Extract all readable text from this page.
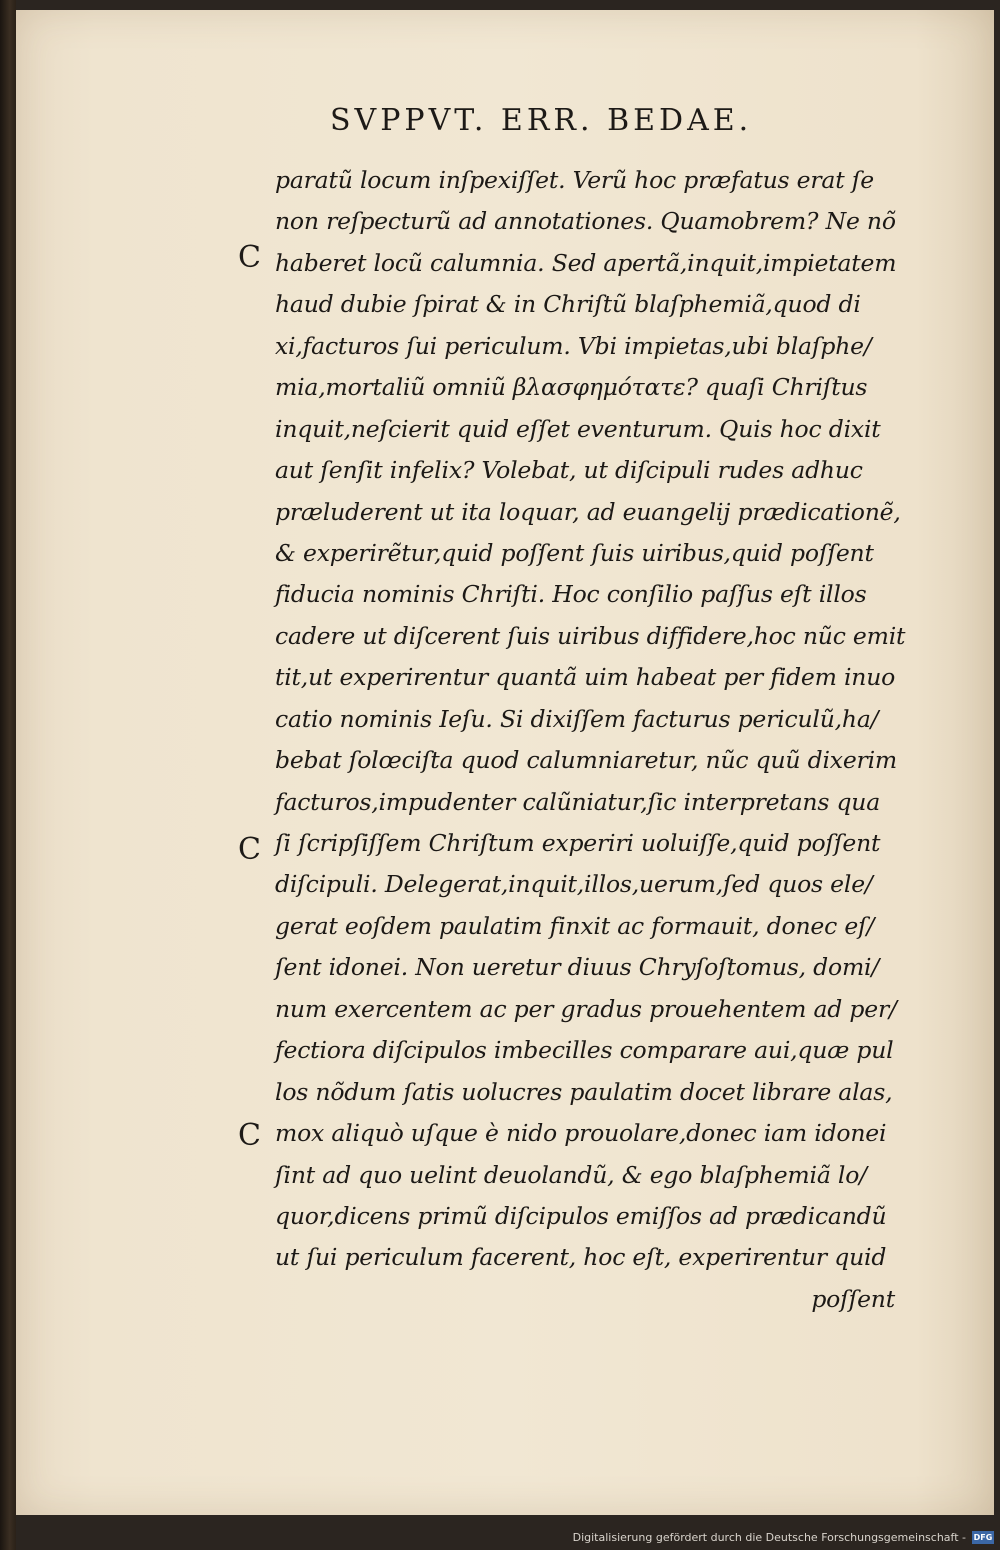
SVPPVT. ERR. BEDAE.
paratũ locum inſpexiſſet. Verũ hoc præfatus erat ſe
non reſpecturũ ad annotationes. Quamobrem? Ne nõ
haberet locũ calumnia. Sed apertã,inquit,impietatem
haud dubie ſpirat & in Chriſtũ blaſphemiã,quod di
xi,facturos ſui periculum. Vbi impietas,ubi blaſphe/
mia,mortaliũ omniũ βλασφημότατε? quaſi Chriſtus
inquit,neſcierit quid eſſet eventurum. Quis hoc dixit
aut ſenſit infelix? Volebat, ut diſcipuli rudes adhuc
præluderent ut ita loquar, ad euangelij prædicationẽ,
& experirẽtur,quid poſſent ſuis uiribus,quid poſſent
fiducia nominis Chriſti. Hoc conſilio paſſus eſt illos
cadere ut diſcerent ſuis uiribus diffidere,hoc nũc emit
tit,ut experirentur quantã uim habeat per fidem inuo
catio nominis Ieſu. Si dixiſſem facturus periculũ,ha/
bebat ſolœciſta quod calumniaretur, nũc quũ dixerim
facturos,impudenter calũniatur,ſic interpretans qua
ſi ſcripſiſſem Chriſtum experiri uoluiſſe,quid poſſent
diſcipuli. Delegerat,inquit,illos,uerum,ſed quos ele/
gerat eoſdem paulatim finxit ac formauit, donec eſ/
ſent idonei. Non ueretur diuus Chryſoſtomus, domi/
num exercentem ac per gradus prouehentem ad per/
fectiora diſcipulos imbecilles comparare aui,quæ pul
los nõdum ſatis uolucres paulatim docet librare alas,
mox aliquò uſque è nido prouolare,donec iam idonei
ſint ad quo uelint deuolandũ, & ego blaſphemiã lo/
quor,dicens primũ diſcipulos emiſſos ad prædicandũ
ut ſui periculum facerent, hoc eſt, experirentur quid
poſſent
C
C
C
Digitalisierung gefördert durch die Deutsche Forschungsgemeinschaft - DFG
